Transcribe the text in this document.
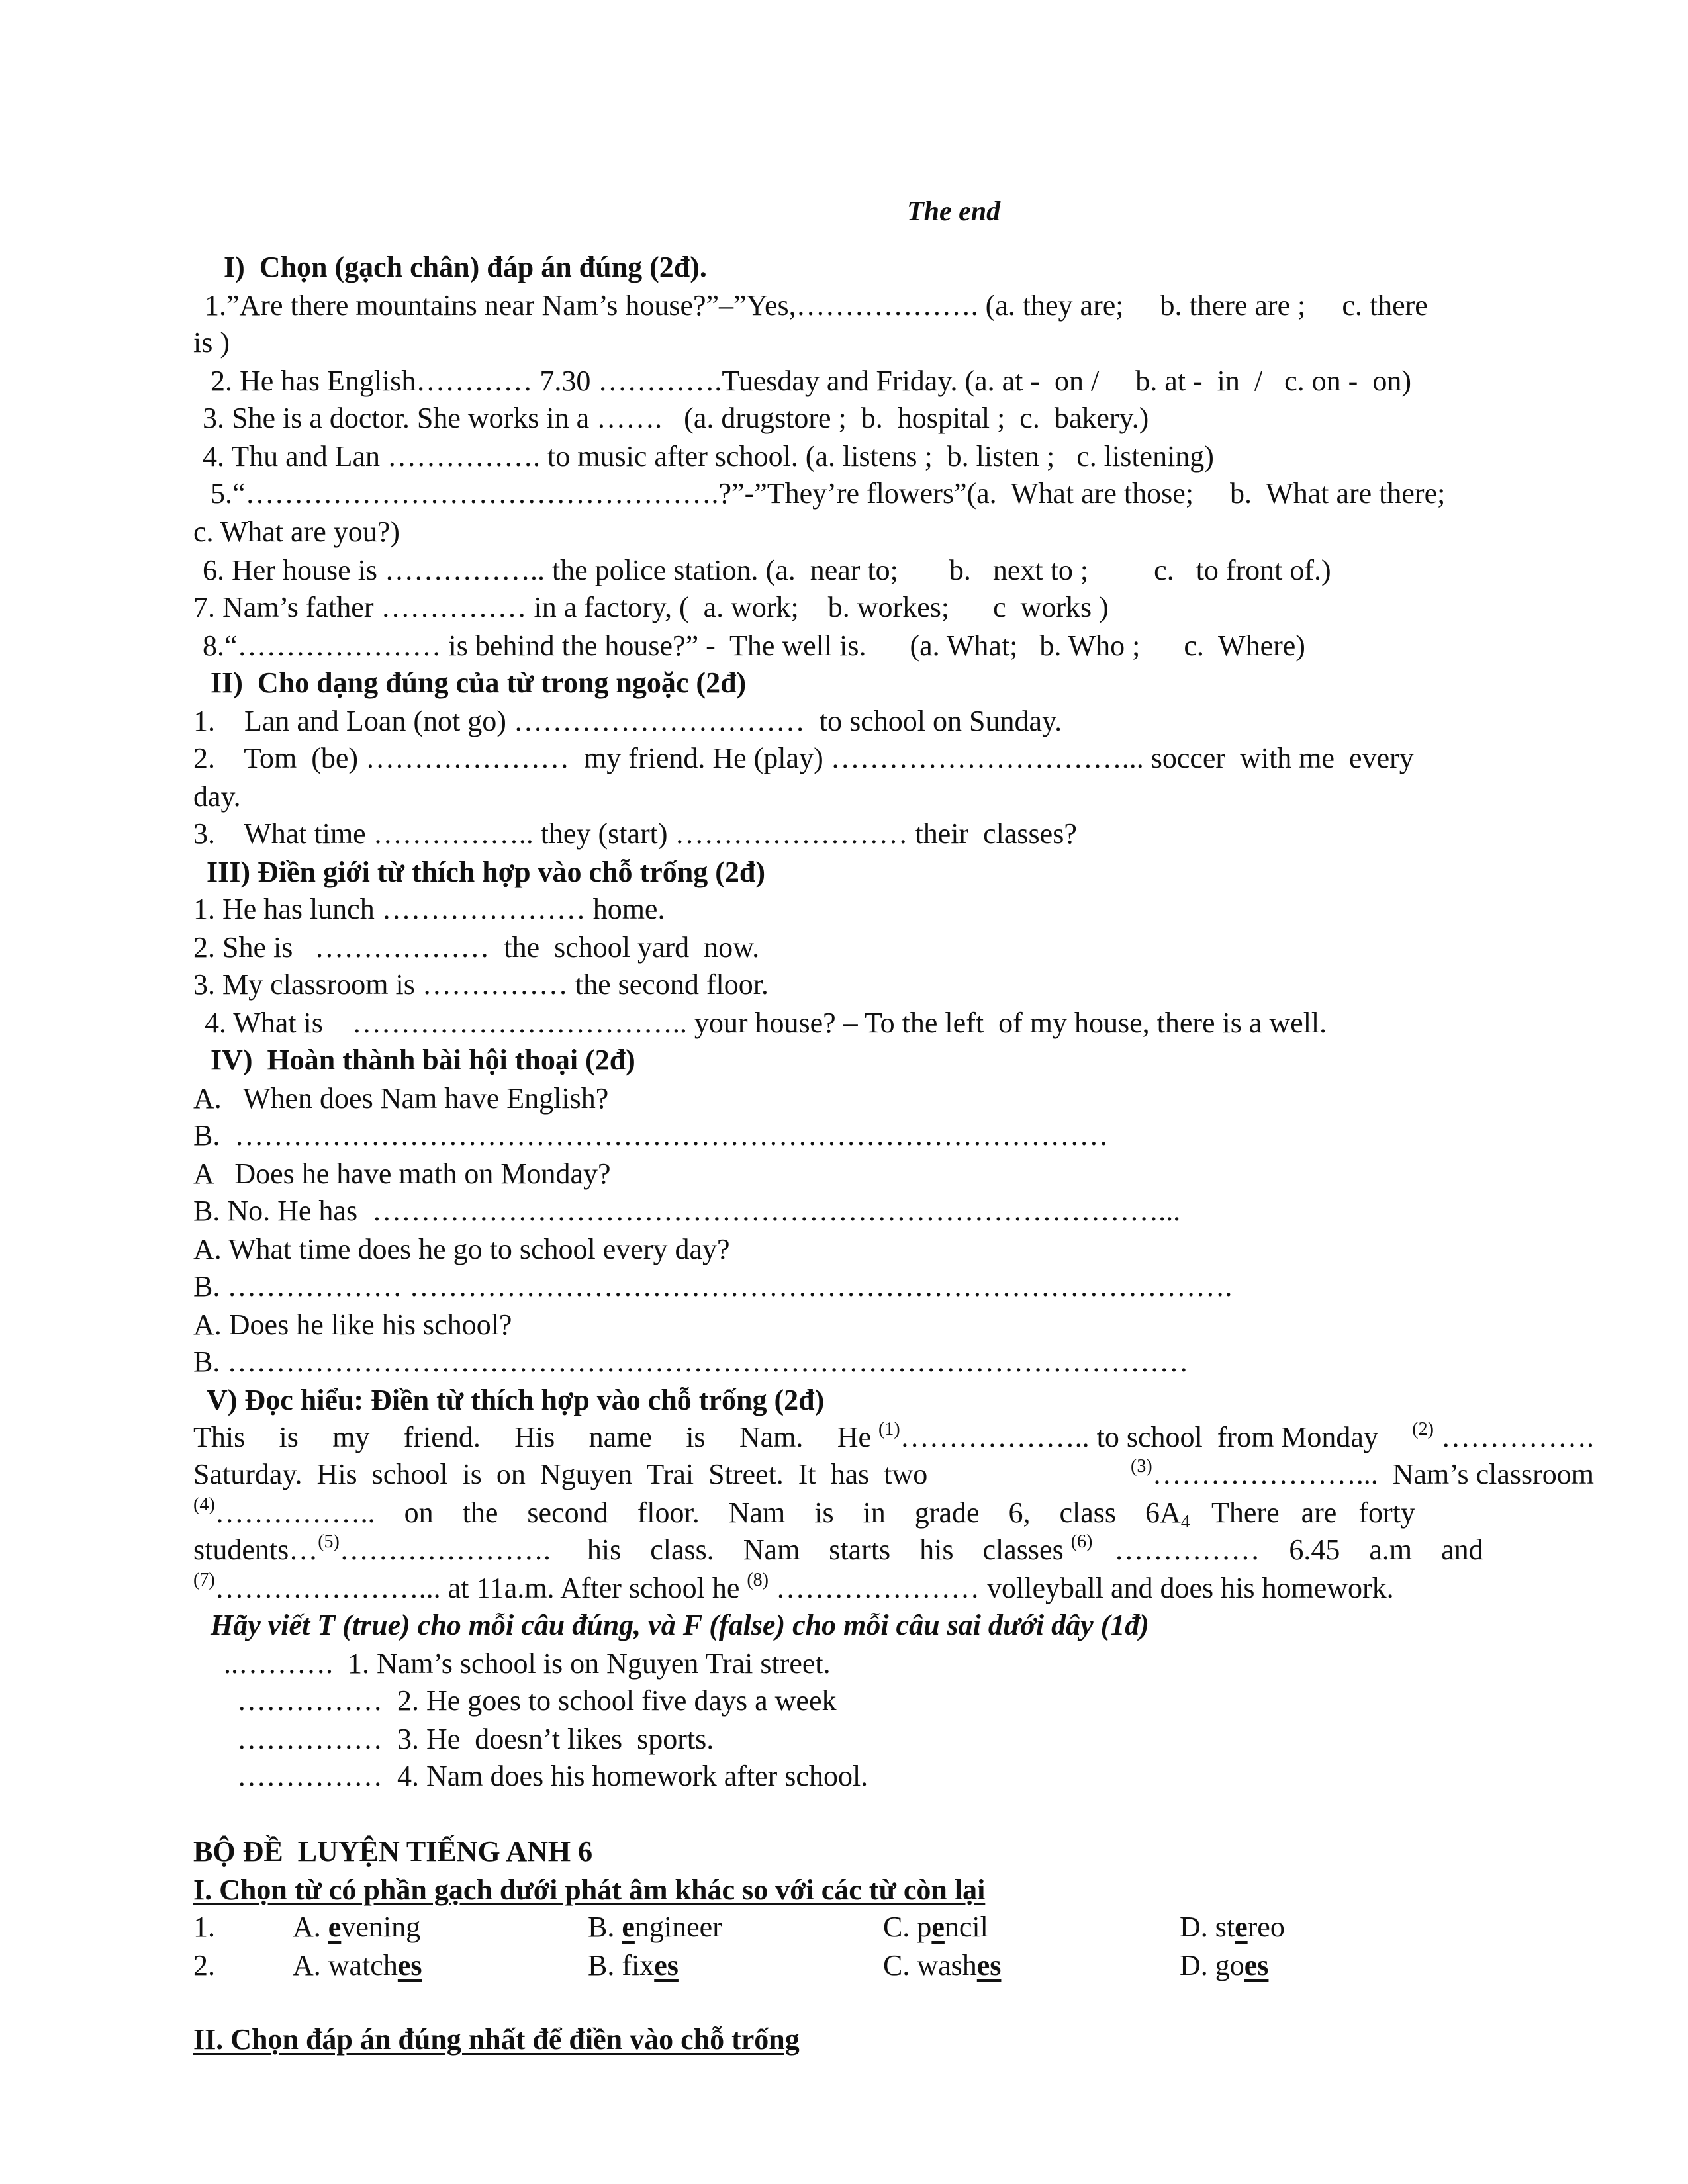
The end
I)  Chọn (gạch chân) đáp án đúng (2đ).
1.”Are there mountains near Nam’s house?”–”Yes,………………. (a. they are;     b. there are ;     c. there
is )
2. He has English………… 7.30 ………….Tuesday and Friday. (a. at -  on /     b. at -  in  /   c. on -  on)
3. She is a doctor. She works in a …….   (a. drugstore ;  b.  hospital ;  c.  bakery.)
4. Thu and Lan ……………. to music after school. (a. listens ;  b. listen ;   c. listening)
5.“………………………………………….?”-”They’re flowers”(a.  What are those;     b.  What are there;
c. What are you?)
6. Her house is …………….. the police station. (a.  near to;       b.   next to ;         c.   to front of.)
7. Nam’s father …………… in a factory, (  a. work;    b. workes;      c  works )
8.“………………… is behind the house?” -  The well is.      (a. What;   b. Who ;      c.  Where)
II)  Cho dạng đúng của từ trong ngoặc (2đ)
1.    Lan and Loan (not go) …………………………  to school on Sunday.
2.    Tom  (be) …………………  my friend. He (play) …………………………... soccer  with me  every
day.
3.    What time …………….. they (start) …………………… their  classes?
III) Điền giới từ thích hợp vào chỗ trống (2đ)
1. He has lunch ………………… home.
2. She is   ………………  the  school yard  now.
3. My classroom is …………… the second floor.
4. What is    …………………………….. your house? – To the left  of my house, there is a well.
IV)  Hoàn thành bài hội thoại (2đ)
A.   When does Nam have English?
B.  ………………………………………………………………………………
A   Does he have math on Monday?
B. No. He has  ………………………………………………………………………...
A. What time does he go to school every day?
B. ……………… ………………………………………………………………………….
A. Does he like his school?
B. ………………………………………………………………………………………
V) Đọc hiểu: Điền từ thích hợp vào chỗ trống (2đ)
This is my friend. His name is Nam. He $^{(1)}$……………….. to school  from Monday $^{(2)}$ …………….
Saturday.  His  school  is  on  Nguyen  Trai  Street.  It  has  two	$^{(3)}$…………………...  Nam’s classroom
$^{(4)}$……………..    on    the    second    floor.    Nam    is    in    grade    6,    class    $6A_4$   There   are   forty
students…$^{(5)}$………………….     his    class.    Nam    starts    his    classes $^{(6)}$   ……………    6.45    a.m    and
$^{(7)}$…………………... at 11a.m. After school he $^{(8)}$ ………………… volleyball and does his homework.
Hãy viết T (true) cho mỗi câu đúng, và F (false) cho mỗi câu sai dưới dây (1đ)
..……….  1. Nam’s school is on Nguyen Trai street.
……………  2. He goes to school five days a week
……………  3. He  doesn’t likes  sports.
……………  4. Nam does his homework after school.
BỘ ĐỀ  LUYỆN TIẾNG ANH 6
I. Chọn từ có phần gạch dưới phát âm khác so với các từ còn lại
1.	A. evening	B. engineer	C. pencil	D. stereo
2.	A. watches	B. fixes	C. washes	D. goes
II. Chọn đáp án đúng nhất để điền vào chỗ trống
